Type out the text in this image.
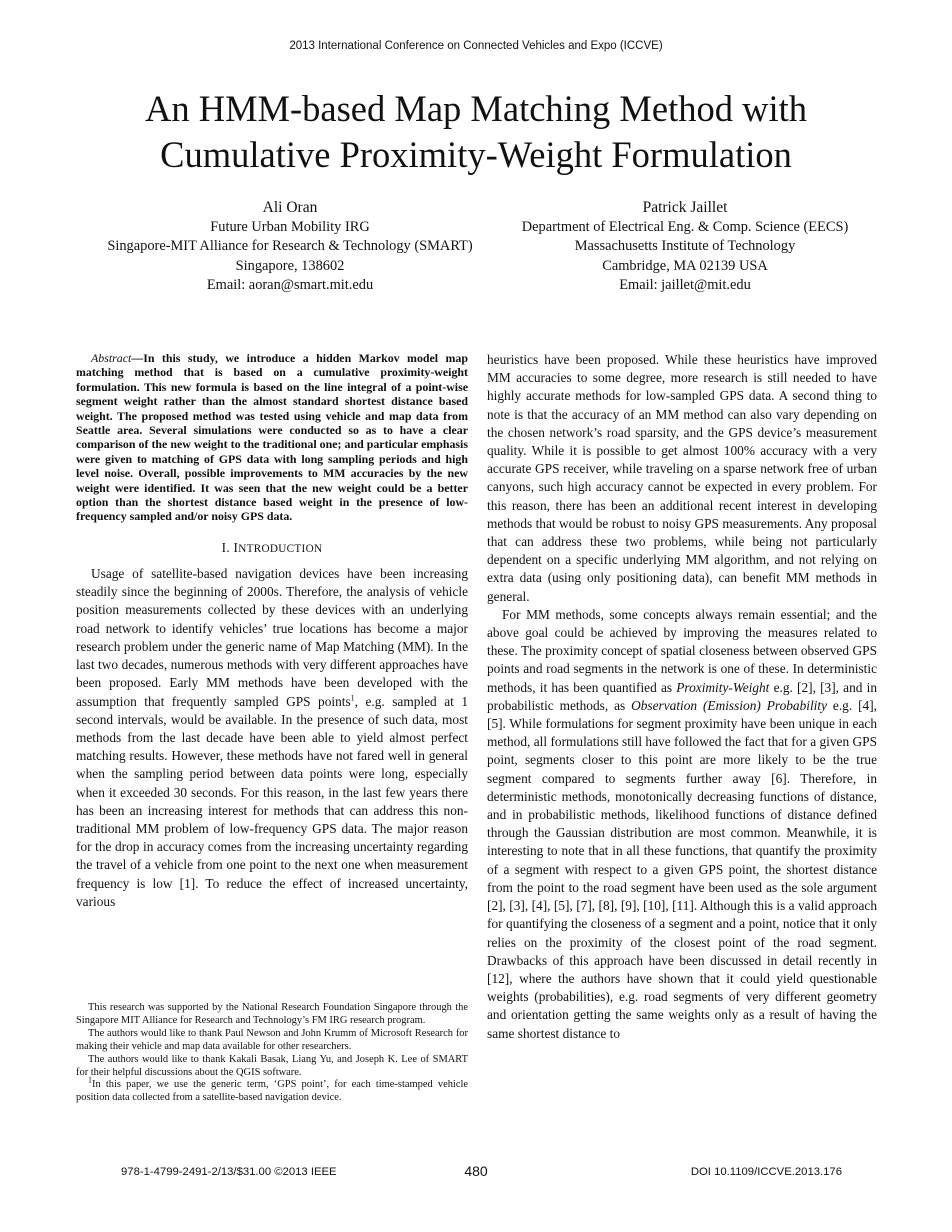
2013 International Conference on Connected Vehicles and Expo (ICCVE)
An HMM-based Map Matching Method with
Cumulative Proximity-Weight Formulation
Ali Oran
Future Urban Mobility IRG
Singapore-MIT Alliance for Research & Technology (SMART)
Singapore, 138602
Email: aoran@smart.mit.edu
Patrick Jaillet
Department of Electrical Eng. & Comp. Science (EECS)
Massachusetts Institute of Technology
Cambridge, MA 02139 USA
Email: jaillet@mit.edu

Abstract—In this study, we introduce a hidden Markov model map matching method that is based on a cumulative proximity-weight formulation. This new formula is based on the line integral of a point-wise segment weight rather than the almost standard shortest distance based weight. The proposed method was tested using vehicle and map data from Seattle area. Several simulations were conducted so as to have a clear comparison of the new weight to the traditional one; and particular emphasis were given to matching of GPS data with long sampling periods and high level noise. Overall, possible improvements to MM accuracies by the new weight were identified. It was seen that the new weight could be a better option than the shortest distance based weight in the presence of low-frequency sampled and/or noisy GPS data.

I. INTRODUCTION

Usage of satellite-based navigation devices have been increasing steadily since the beginning of 2000s. Therefore, the analysis of vehicle position measurements collected by these devices with an underlying road network to identify vehicles’ true locations has become a major research problem under the generic name of Map Matching (MM). In the last two decades, numerous methods with very different approaches have been proposed. Early MM methods have been developed with the assumption that frequently sampled GPS points$^1$, e.g. sampled at 1 second intervals, would be available. In the presence of such data, most methods from the last decade have been able to yield almost perfect matching results. However, these methods have not fared well in general when the sampling period between data points were long, especially when it exceeded 30 seconds. For this reason, in the last few years there has been an increasing interest for methods that can address this non-traditional MM problem of low-frequency GPS data. The major reason for the drop in accuracy comes from the increasing uncertainty regarding the travel of a vehicle from one point to the next one when measurement frequency is low [1]. To reduce the effect of increased uncertainty, various

This research was supported by the National Research Foundation Singapore through the Singapore MIT Alliance for Research and Technology’s FM IRG research program.

The authors would like to thank Paul Newson and John Krumm of Microsoft Research for making their vehicle and map data available for other researchers.

The authors would like to thank Kakali Basak, Liang Yu, and Joseph K. Lee of SMART for their helpful discussions about the QGIS software.

$^1$In this paper, we use the generic term, ‘GPS point’, for each time-stamped vehicle position data collected from a satellite-based navigation device.

heuristics have been proposed. While these heuristics have improved MM accuracies to some degree, more research is still needed to have highly accurate methods for low-sampled GPS data. A second thing to note is that the accuracy of an MM method can also vary depending on the chosen network’s road sparsity, and the GPS device’s measurement quality. While it is possible to get almost 100% accuracy with a very accurate GPS receiver, while traveling on a sparse network free of urban canyons, such high accuracy cannot be expected in every problem. For this reason, there has been an additional recent interest in developing methods that would be robust to noisy GPS measurements. Any proposal that can address these two problems, while being not particularly dependent on a specific underlying MM algorithm, and not relying on extra data (using only positioning data), can benefit MM methods in general.

For MM methods, some concepts always remain essential; and the above goal could be achieved by improving the measures related to these. The proximity concept of spatial closeness between observed GPS points and road segments in the network is one of these. In deterministic methods, it has been quantified as Proximity-Weight e.g. [2], [3], and in probabilistic methods, as Observation (Emission) Probability e.g. [4], [5]. While formulations for segment proximity have been unique in each method, all formulations still have followed the fact that for a given GPS point, segments closer to this point are more likely to be the true segment compared to segments further away [6]. Therefore, in deterministic methods, monotonically decreasing functions of distance, and in probabilistic methods, likelihood functions of distance defined through the Gaussian distribution are most common. Meanwhile, it is interesting to note that in all these functions, that quantify the proximity of a segment with respect to a given GPS point, the shortest distance from the point to the road segment have been used as the sole argument [2], [3], [4], [5], [7], [8], [9], [10], [11]. Although this is a valid approach for quantifying the closeness of a segment and a point, notice that it only relies on the proximity of the closest point of the road segment. Drawbacks of this approach have been discussed in detail recently in [12], where the authors have shown that it could yield questionable weights (probabilities), e.g. road segments of very different geometry and orientation getting the same weights only as a result of having the same shortest distance to

978-1-4799-2491-2/13/$31.00 ©2013 IEEE	480	DOI 10.1109/ICCVE.2013.176
